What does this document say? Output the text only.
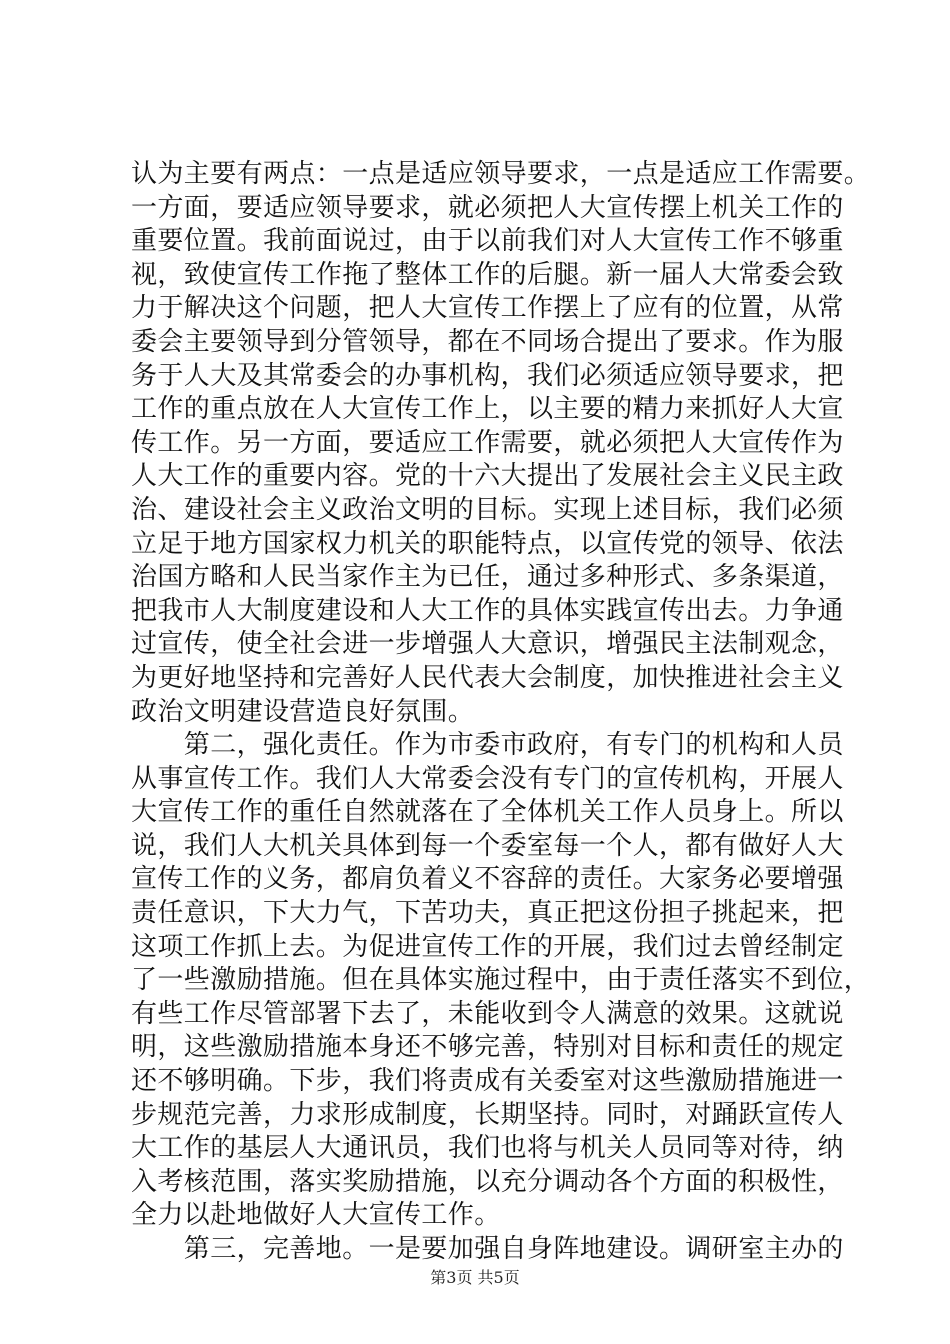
认为主要有两点：一点是适应领导要求，一点是适应工作需要。
一方面，要适应领导要求，就必须把人大宣传摆上机关工作的
重要位置。我前面说过，由于以前我们对人大宣传工作不够重
视，致使宣传工作拖了整体工作的后腿。新一届人大常委会致
力于解决这个问题，把人大宣传工作摆上了应有的位置，从常
委会主要领导到分管领导，都在不同场合提出了要求。作为服
务于人大及其常委会的办事机构，我们必须适应领导要求，把
工作的重点放在人大宣传工作上，以主要的精力来抓好人大宣
传工作。另一方面，要适应工作需要，就必须把人大宣传作为
人大工作的重要内容。党的十六大提出了发展社会主义民主政
治、建设社会主义政治文明的目标。实现上述目标，我们必须
立足于地方国家权力机关的职能特点，以宣传党的领导、依法
治国方略和人民当家作主为已任，通过多种形式、多条渠道，
把我市人大制度建设和人大工作的具体实践宣传出去。力争通
过宣传，使全社会进一步增强人大意识，增强民主法制观念，
为更好地坚持和完善好人民代表大会制度，加快推进社会主义
政治文明建设营造良好氛围。
　　第二，强化责任。作为市委市政府，有专门的机构和人员
从事宣传工作。我们人大常委会没有专门的宣传机构，开展人
大宣传工作的重任自然就落在了全体机关工作人员身上。所以
说，我们人大机关具体到每一个委室每一个人，都有做好人大
宣传工作的义务，都肩负着义不容辞的责任。大家务必要增强
责任意识，下大力气，下苦功夫，真正把这份担子挑起来，把
这项工作抓上去。为促进宣传工作的开展，我们过去曾经制定
了一些激励措施。但在具体实施过程中，由于责任落实不到位，
有些工作尽管部署下去了，未能收到令人满意的效果。这就说
明，这些激励措施本身还不够完善，特别对目标和责任的规定
还不够明确。下步，我们将责成有关委室对这些激励措施进一
步规范完善，力求形成制度，长期坚持。同时，对踊跃宣传人
大工作的基层人大通讯员，我们也将与机关人员同等对待，纳
入考核范围，落实奖励措施，以充分调动各个方面的积极性，
全力以赴地做好人大宣传工作。
　　第三，完善地。一是要加强自身阵地建设。调研室主办的
第3页 共5页
